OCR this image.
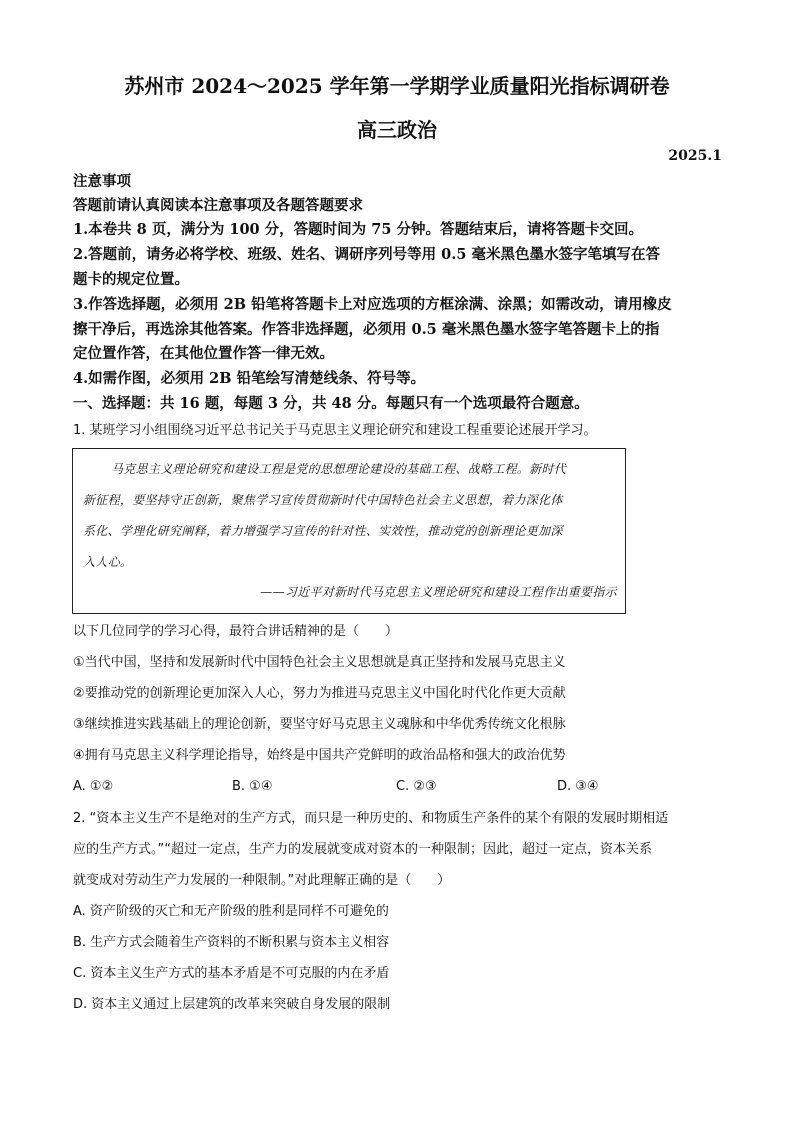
苏州市 2024～2025 学年第一学期学业质量阳光指标调研卷
高三政治
2025.1
注意事项
答题前请认真阅读本注意事项及各题答题要求
1.本卷共 8 页，满分为 100 分，答题时间为 75 分钟。答题结束后，请将答题卡交回。
2.答题前，请务必将学校、班级、姓名、调研序列号等用 0.5 毫米黑色墨水签字笔填写在答
题卡的规定位置。
3.作答选择题，必须用 2B 铅笔将答题卡上对应选项的方框涂满、涂黑；如需改动，请用橡皮
擦干净后，再选涂其他答案。作答非选择题，必须用 0.5 毫米黑色墨水签字笔答题卡上的指
定位置作答，在其他位置作答一律无效。
4.如需作图，必须用 2B 铅笔绘写清楚线条、符号等。
一、选择题：共 16 题，每题 3 分，共 48 分。每题只有一个选项最符合题意。
1. 某班学习小组围绕习近平总书记关于马克思主义理论研究和建设工程重要论述展开学习。
马克思主义理论研究和建设工程是党的思想理论建设的基础工程、战略工程。新时代
新征程，要坚持守正创新，聚焦学习宣传贯彻新时代中国特色社会主义思想，着力深化体
系化、学理化研究阐释，着力增强学习宣传的针对性、实效性，推动党的创新理论更加深
入人心。
——习近平对新时代马克思主义理论研究和建设工程作出重要指示
以下几位同学的学习心得，最符合讲话精神的是（　　）
①当代中国，坚持和发展新时代中国特色社会主义思想就是真正坚持和发展马克思主义
②要推动党的创新理论更加深入人心，努力为推进马克思主义中国化时代化作更大贡献
③继续推进实践基础上的理论创新，要坚守好马克思主义魂脉和中华优秀传统文化根脉
④拥有马克思主义科学理论指导，始终是中国共产党鲜明的政治品格和强大的政治优势
A. ①②	B. ①④	C. ②③	D. ③④
2. “资本主义生产不是绝对的生产方式，而只是一种历史的、和物质生产条件的某个有限的发展时期相适
应的生产方式。”“超过一定点，生产力的发展就变成对资本的一种限制；因此，超过一定点，资本关系
就变成对劳动生产力发展的一种限制。”对此理解正确的是（　　）
A. 资产阶级的灭亡和无产阶级的胜利是同样不可避免的
B. 生产方式会随着生产资料的不断积累与资本主义相容
C. 资本主义生产方式的基本矛盾是不可克服的内在矛盾
D. 资本主义通过上层建筑的改革来突破自身发展的限制
